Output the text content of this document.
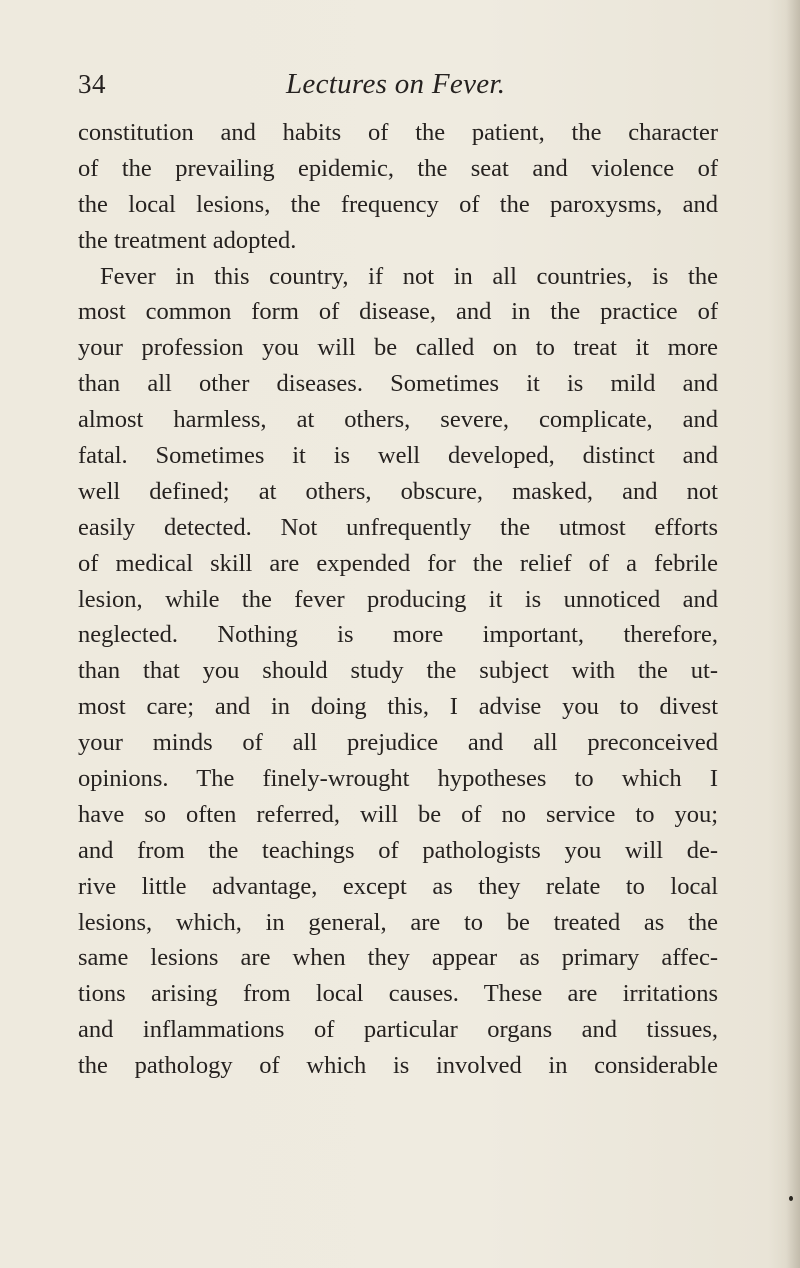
34	Lectures on Fever.
constitution and habits of the patient, the character
of the prevailing epidemic, the seat and violence of
the local lesions, the frequency of the paroxysms, and
the treatment adopted.
Fever in this country, if not in all countries, is the
most common form of disease, and in the practice of
your profession you will be called on to treat it more
than all other diseases. Sometimes it is mild and
almost harmless, at others, severe, complicate, and
fatal. Sometimes it is well developed, distinct and
well defined; at others, obscure, masked, and not
easily detected. Not unfrequently the utmost efforts
of medical skill are expended for the relief of a febrile
lesion, while the fever producing it is unnoticed and
neglected. Nothing is more important, therefore,
than that you should study the subject with the ut-
most care; and in doing this, I advise you to divest
your minds of all prejudice and all preconceived
opinions. The finely-wrought hypotheses to which I
have so often referred, will be of no service to you;
and from the teachings of pathologists you will de-
rive little advantage, except as they relate to local
lesions, which, in general, are to be treated as the
same lesions are when they appear as primary affec-
tions arising from local causes. These are irritations
and inflammations of particular organs and tissues,
the pathology of which is involved in considerable
